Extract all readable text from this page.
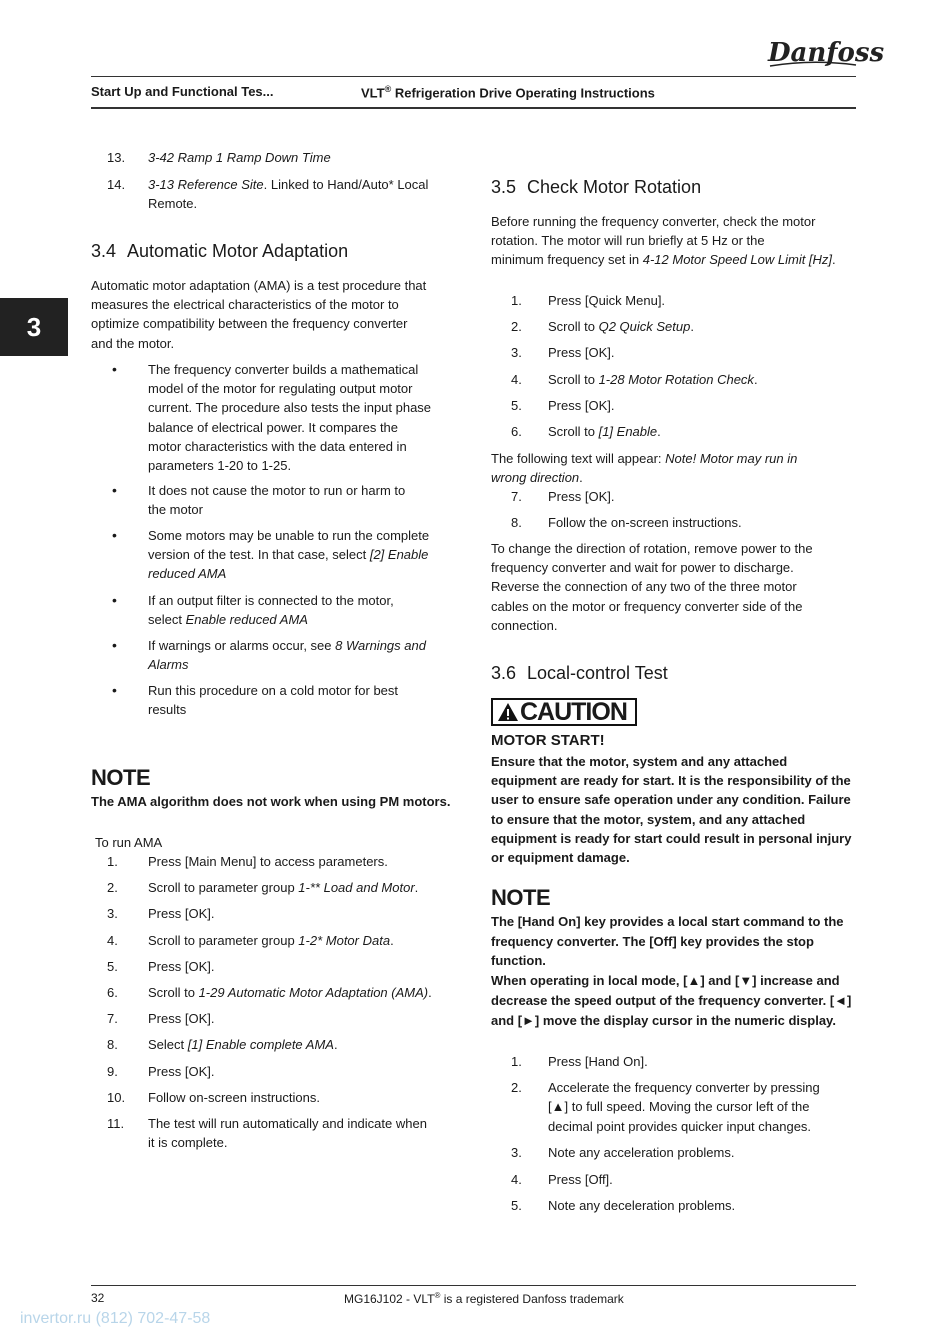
Danfoss
Start Up and Functional Tes...	VLT® Refrigeration Drive Operating Instructions
3
13. 3-42 Ramp 1 Ramp Down Time
14. 3-13 Reference Site. Linked to Hand/Auto* Local
Remote.
3.4 Automatic Motor Adaptation
Automatic motor adaptation (AMA) is a test procedure that
measures the electrical characteristics of the motor to
optimize compatibility between the frequency converter
and the motor.
• The frequency converter builds a mathematical
model of the motor for regulating output motor
current. The procedure also tests the input phase
balance of electrical power. It compares the
motor characteristics with the data entered in
parameters 1-20 to 1-25.
• It does not cause the motor to run or harm to
the motor
• Some motors may be unable to run the complete
version of the test. In that case, select [2] Enable
reduced AMA
• If an output filter is connected to the motor,
select Enable reduced AMA
• If warnings or alarms occur, see 8 Warnings and
Alarms
• Run this procedure on a cold motor for best
results
NOTE
The AMA algorithm does not work when using PM motors.
To run AMA
1. Press [Main Menu] to access parameters.
2. Scroll to parameter group 1-** Load and Motor.
3. Press [OK].
4. Scroll to parameter group 1-2* Motor Data.
5. Press [OK].
6. Scroll to 1-29 Automatic Motor Adaptation (AMA).
7. Press [OK].
8. Select [1] Enable complete AMA.
9. Press [OK].
10. Follow on-screen instructions.
11. The test will run automatically and indicate when
it is complete.
3.5 Check Motor Rotation
Before running the frequency converter, check the motor
rotation. The motor will run briefly at 5 Hz or the
minimum frequency set in 4-12 Motor Speed Low Limit [Hz].
1. Press [Quick Menu].
2. Scroll to Q2 Quick Setup.
3. Press [OK].
4. Scroll to 1-28 Motor Rotation Check.
5. Press [OK].
6. Scroll to [1] Enable.
The following text will appear: Note! Motor may run in
wrong direction.
7. Press [OK].
8. Follow the on-screen instructions.
To change the direction of rotation, remove power to the
frequency converter and wait for power to discharge.
Reverse the connection of any two of the three motor
cables on the motor or frequency converter side of the
connection.
3.6 Local-control Test
CAUTION
MOTOR START!
Ensure that the motor, system and any attached
equipment are ready for start. It is the responsibility of the
user to ensure safe operation under any condition. Failure
to ensure that the motor, system, and any attached
equipment is ready for start could result in personal injury
or equipment damage.
NOTE
The [Hand On] key provides a local start command to the
frequency converter. The [Off] key provides the stop
function.
When operating in local mode, [▲] and [▼] increase and
decrease the speed output of the frequency converter. [◄]
and [►] move the display cursor in the numeric display.
1. Press [Hand On].
2. Accelerate the frequency converter by pressing
[▲] to full speed. Moving the cursor left of the
decimal point provides quicker input changes.
3. Note any acceleration problems.
4. Press [Off].
5. Note any deceleration problems.
32	MG16J102 - VLT® is a registered Danfoss trademark
invertor.ru (812) 702-47-58
